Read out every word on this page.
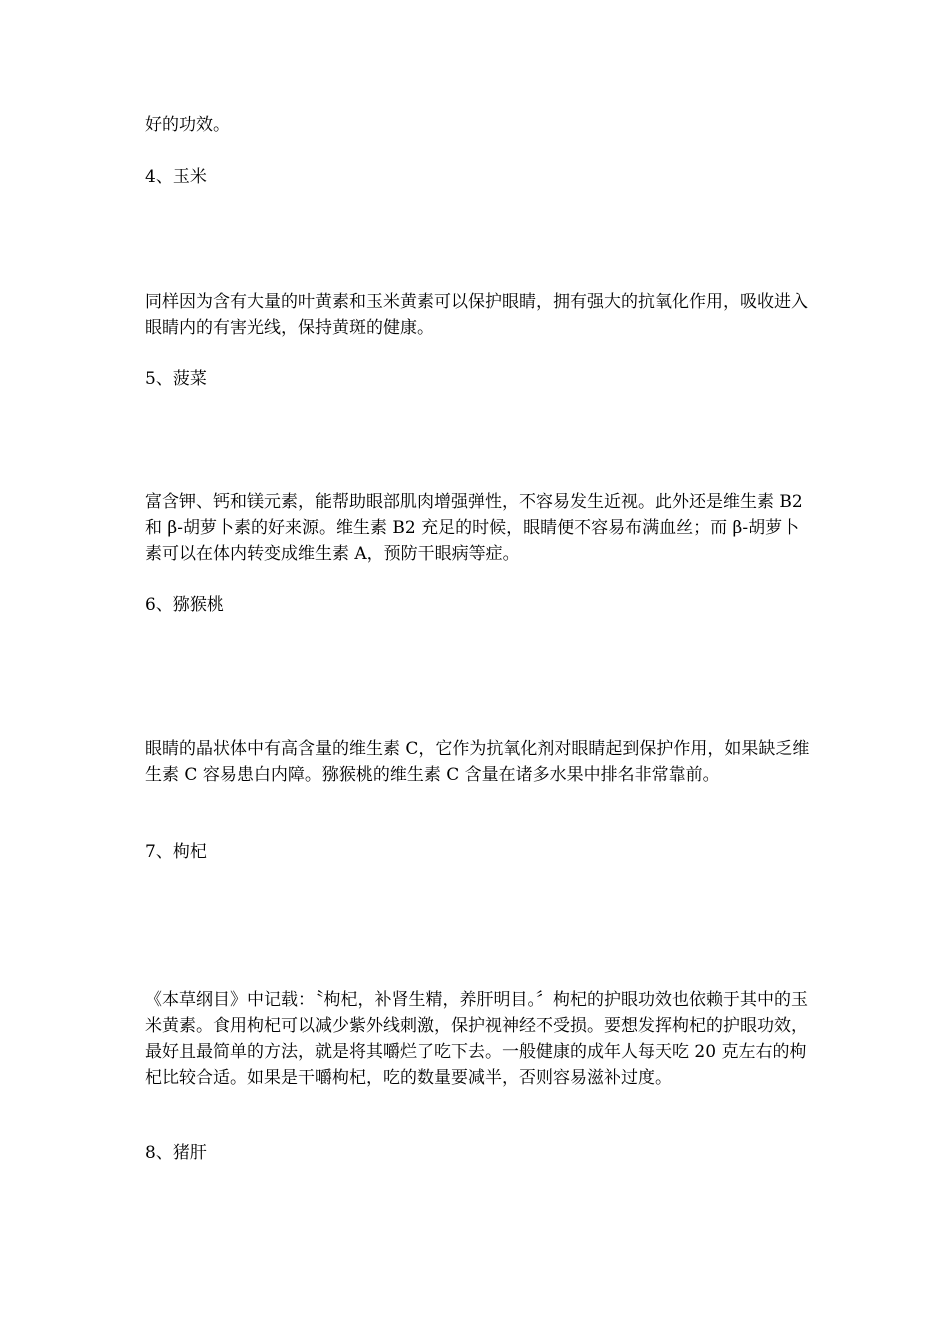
好的功效。

4、玉米

同样因为含有大量的叶黄素和玉米黄素可以保护眼睛，拥有强大的抗氧化作用，吸收进入眼睛内的有害光线，保持黄斑的健康。

5、菠菜

富含钾、钙和镁元素，能帮助眼部肌肉增强弹性，不容易发生近视。此外还是维生素 B2 和 β-胡萝卜素的好来源。维生素 B2 充足的时候，眼睛便不容易布满血丝；而 β-胡萝卜素可以在体内转变成维生素 A，预防干眼病等症。

6、猕猴桃

眼睛的晶状体中有高含量的维生素 C，它作为抗氧化剂对眼睛起到保护作用，如果缺乏维生素 C 容易患白内障。猕猴桃的维生素 C 含量在诸多水果中排名非常靠前。

7、枸杞

《本草纲目》中记载：〝枸杞，补肾生精，养肝明目。〞枸杞的护眼功效也依赖于其中的玉米黄素。食用枸杞可以减少紫外线刺激，保护视神经不受损。要想发挥枸杞的护眼功效，最好且最简单的方法，就是将其嚼烂了吃下去。一般健康的成年人每天吃 20 克左右的枸杞比较合适。如果是干嚼枸杞，吃的数量要减半，否则容易滋补过度。

8、猪肝
